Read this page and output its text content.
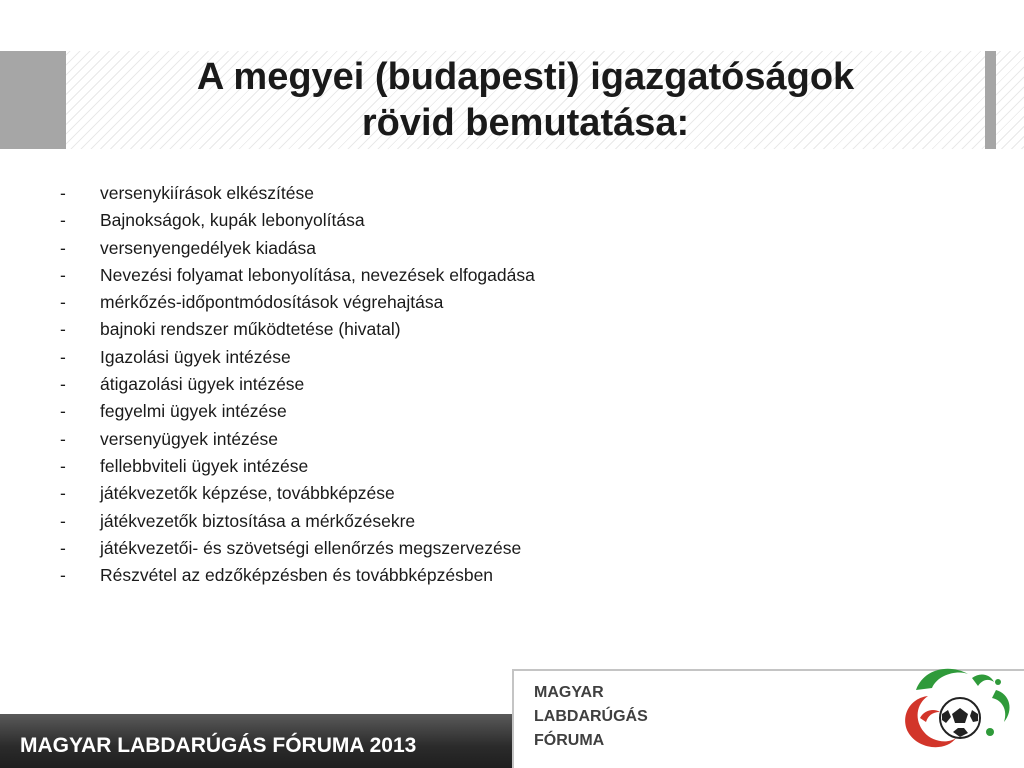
A megyei (budapesti) igazgatóságok rövid bemutatása:
-	versenykiírások elkészítése
-	Bajnokságok, kupák lebonyolítása
-	versenyengedélyek kiadása
-	Nevezési folyamat lebonyolítása, nevezések elfogadása
-	mérkőzés-időpontmódosítások végrehajtása
-	bajnoki rendszer működtetése (hivatal)
-	Igazolási ügyek intézése
-	átigazolási ügyek intézése
-	fegyelmi ügyek intézése
-	versenyügyek intézése
-	fellebbviteli ügyek intézése
-	játékvezetők képzése, továbbképzése
-	játékvezetők biztosítása a mérkőzésekre
-	játékvezetői- és szövetségi ellenőrzés megszervezése
-	Részvétel az edzőképzésben és továbbképzésben
MAGYAR LABDARÚGÁS FÓRUMA 2013
MAGYAR
LABDARÚGÁS
FÓRUMA
